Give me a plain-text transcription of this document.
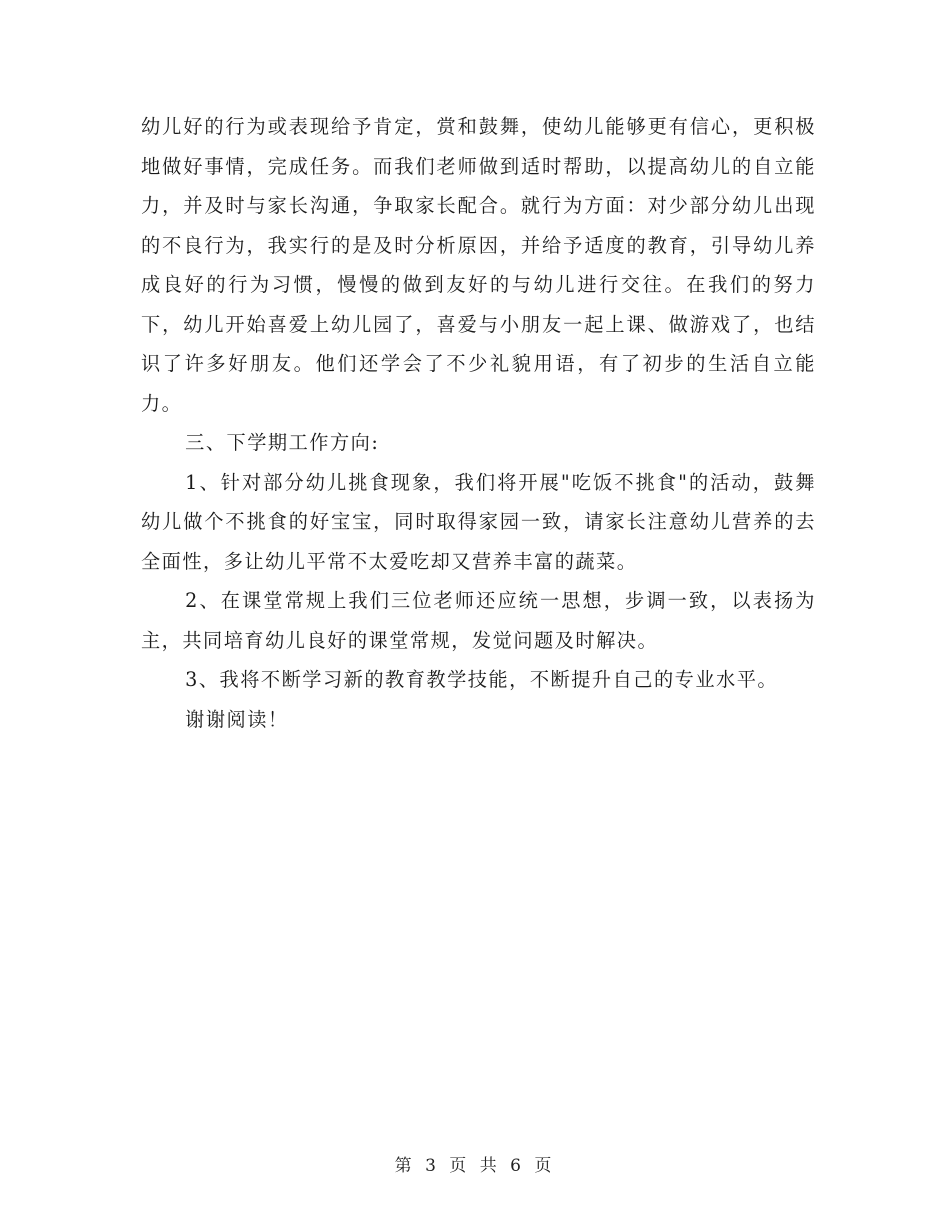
幼儿好的行为或表现给予肯定，赏和鼓舞，使幼儿能够更有信心，更积极地做好事情，完成任务。而我们老师做到适时帮助，以提高幼儿的自立能力，并及时与家长沟通，争取家长配合。就行为方面：对少部分幼儿出现的不良行为，我实行的是及时分析原因，并给予适度的教育，引导幼儿养成良好的行为习惯，慢慢的做到友好的与幼儿进行交往。在我们的努力下，幼儿开始喜爱上幼儿园了，喜爱与小朋友一起上课、做游戏了，也结识了许多好朋友。他们还学会了不少礼貌用语，有了初步的生活自立能力。

三、下学期工作方向:

1、针对部分幼儿挑食现象，我们将开展"吃饭不挑食"的活动，鼓舞幼儿做个不挑食的好宝宝，同时取得家园一致，请家长注意幼儿营养的去全面性，多让幼儿平常不太爱吃却又营养丰富的蔬菜。

2、在课堂常规上我们三位老师还应统一思想，步调一致，以表扬为主，共同培育幼儿良好的课堂常规，发觉问题及时解决。

3、我将不断学习新的教育教学技能，不断提升自己的专业水平。

谢谢阅读！

第 3 页 共 6 页
